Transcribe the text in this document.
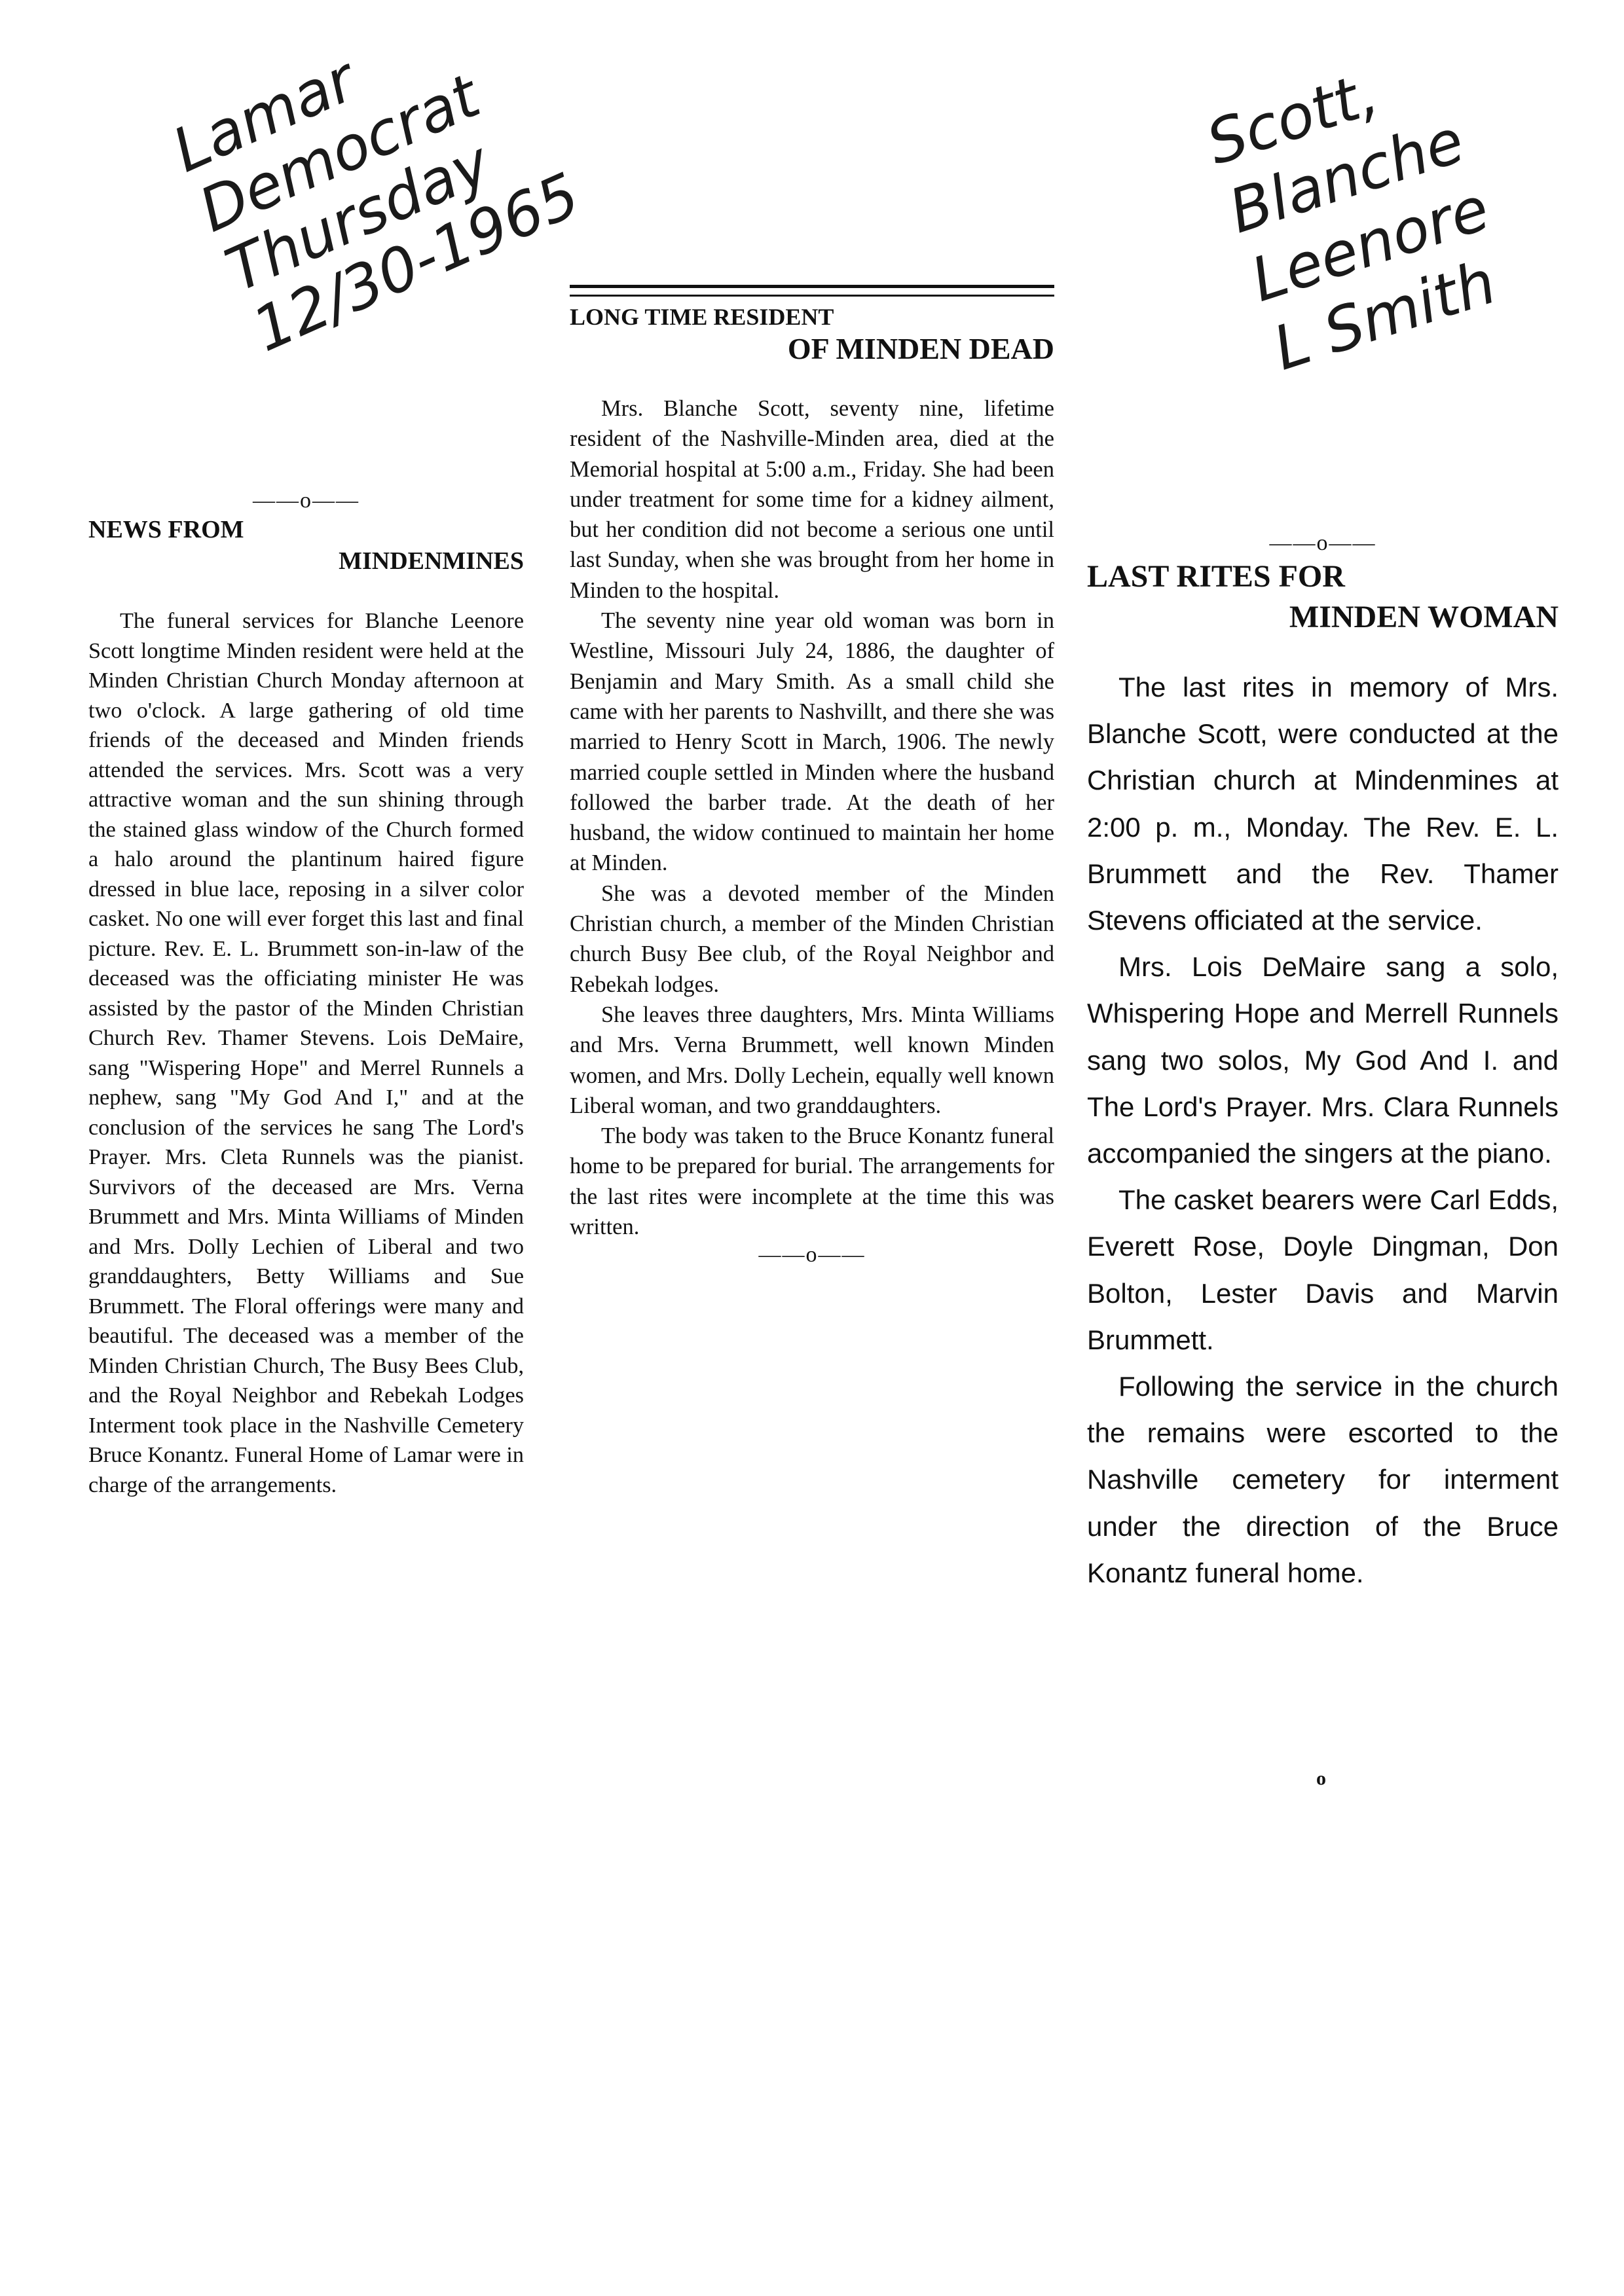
Lamar
Democrat
Thursday
12/30-1965
Scott,
Blanche
Leenore
L Smith
——o——
NEWS FROM
MINDENMINES

The funeral services for Blanche Leenore Scott longtime Minden resident were held at the Minden Christian Church Monday afternoon at two o'clock. A large gathering of old time friends of the deceased and Minden friends attended the services. Mrs. Scott was a very attractive woman and the sun shining through the stained glass window of the Church formed a halo around the plantinum haired figure dressed in blue lace, reposing in a silver color casket. No one will ever forget this last and final picture. Rev. E. L. Brummett son-in-law of the deceased was the officiating minister He was assisted by the pastor of the Minden Christian Church Rev. Thamer Stevens. Lois DeMaire, sang "Wispering Hope" and Merrel Runnels a nephew, sang "My God And I," and at the conclusion of the services he sang The Lord's Prayer. Mrs. Cleta Runnels was the pianist. Survivors of the deceased are Mrs. Verna Brummett and Mrs. Minta Williams of Minden and Mrs. Dolly Lechien of Liberal and two granddaughters, Betty Williams and Sue Brummett. The Floral offerings were many and beautiful. The deceased was a member of the Minden Christian Church, The Busy Bees Club, and the Royal Neighbor and Rebekah Lodges Interment took place in the Nashville Cemetery Bruce Konantz. Funeral Home of Lamar were in charge of the arrangements.

LONG TIME RESIDENT
OF MINDEN DEAD

Mrs. Blanche Scott, seventy nine, lifetime resident of the Nashville-Minden area, died at the Memorial hospital at 5:00 a.m., Friday. She had been under treatment for some time for a kidney ailment, but her condition did not become a serious one until last Sunday, when she was brought from her home in Minden to the hospital.

The seventy nine year old woman was born in Westline, Missouri July 24, 1886, the daughter of Benjamin and Mary Smith. As a small child she came with her parents to Nashvillt, and there she was married to Henry Scott in March, 1906. The newly married couple settled in Minden where the husband followed the barber trade. At the death of her husband, the widow continued to maintain her home at Minden.

She was a devoted member of the Minden Christian church, a member of the Minden Christian church Busy Bee club, of the Royal Neighbor and Rebekah lodges.

She leaves three daughters, Mrs. Minta Williams and Mrs. Verna Brummett, well known Minden women, and Mrs. Dolly Lechein, equally well known Liberal woman, and two granddaughters.

The body was taken to the Bruce Konantz funeral home to be prepared for burial. The arrangements for the last rites were incomplete at the time this was written.

——o——
——o——
LAST RITES FOR
MINDEN WOMAN

The last rites in memory of Mrs. Blanche Scott, were conducted at the Christian church at Mindenmines at 2:00 p. m., Monday. The Rev. E. L. Brummett and the Rev. Thamer Stevens officiated at the service.

Mrs. Lois DeMaire sang a solo, Whispering Hope and Merrell Runnels sang two solos, My God And I. and The Lord's Prayer. Mrs. Clara Runnels accompanied the singers at the piano.

The casket bearers were Carl Edds, Everett Rose, Doyle Dingman, Don Bolton, Lester Davis and Marvin Brummett.

Following the service in the church the remains were escorted to the Nashville cemetery for interment under the direction of the Bruce Konantz funeral home.

o
